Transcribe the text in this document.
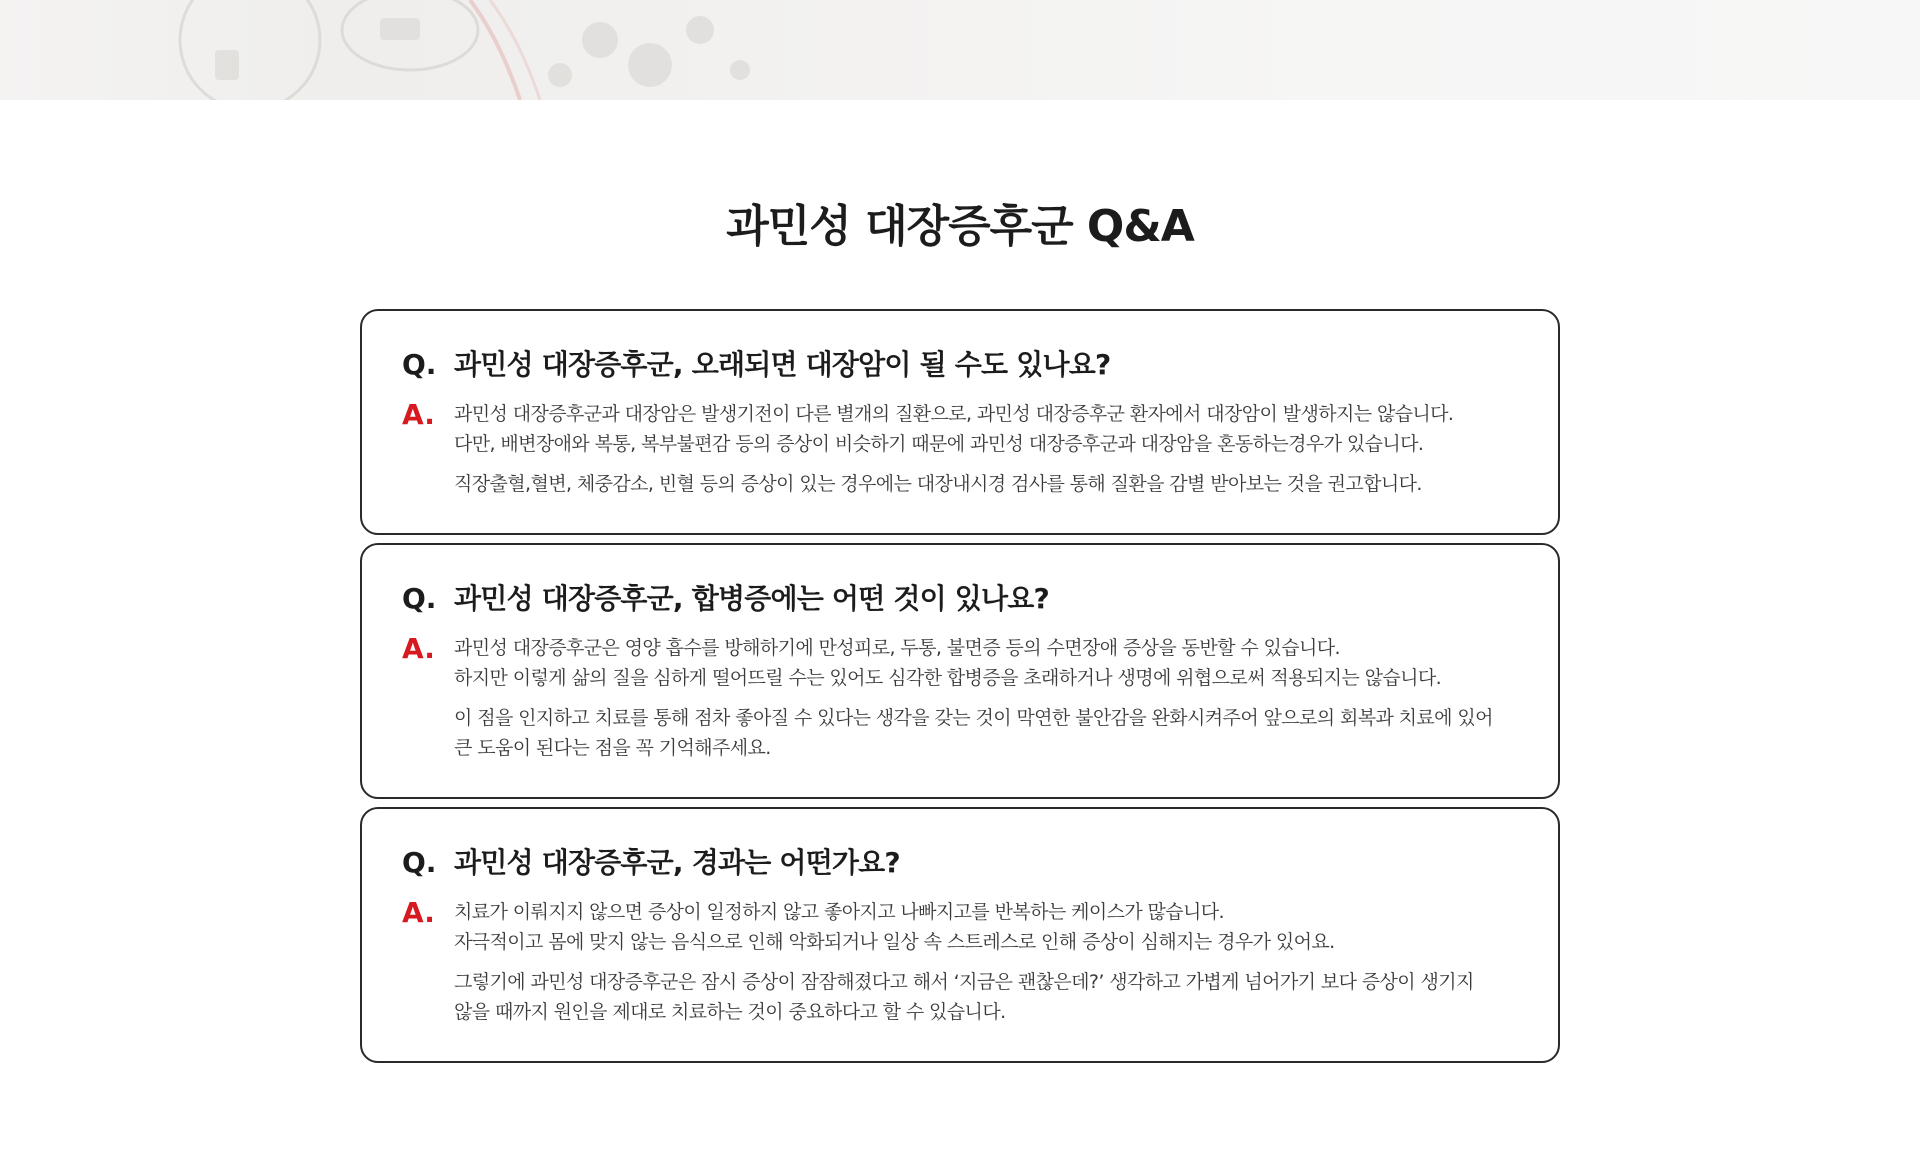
과민성 대장증후군 Q&A
Q. 과민성 대장증후군, 오래되면 대장암이 될 수도 있나요?
A.	과민성 대장증후군과 대장암은 발생기전이 다른 별개의 질환으로, 과민성 대장증후군 환자에서 대장암이 발생하지는 않습니다.
다만, 배변장애와 복통, 복부불편감 등의 증상이 비슷하기 때문에 과민성 대장증후군과 대장암을 혼동하는경우가 있습니다.
직장출혈,혈변, 체중감소, 빈혈 등의 증상이 있는 경우에는 대장내시경 검사를 통해 질환을 감별 받아보는 것을 권고합니다.
Q. 과민성 대장증후군, 합병증에는 어떤 것이 있나요?
A.	과민성 대장증후군은 영양 흡수를 방해하기에 만성피로, 두통, 불면증 등의 수면장애 증상을 동반할 수 있습니다.
하지만 이렇게 삶의 질을 심하게 떨어뜨릴 수는 있어도 심각한 합병증을 초래하거나 생명에 위협으로써 적용되지는 않습니다.
이 점을 인지하고 치료를 통해 점차 좋아질 수 있다는 생각을 갖는 것이 막연한 불안감을 완화시켜주어 앞으로의 회복과 치료에 있어
큰 도움이 된다는 점을 꼭 기억해주세요.
Q. 과민성 대장증후군, 경과는 어떤가요?
A.	치료가 이뤄지지 않으면 증상이 일정하지 않고 좋아지고 나빠지고를 반복하는 케이스가 많습니다.
자극적이고 몸에 맞지 않는 음식으로 인해 악화되거나 일상 속 스트레스로 인해 증상이 심해지는 경우가 있어요.
그렇기에 과민성 대장증후군은 잠시 증상이 잠잠해졌다고 해서 ‘지금은 괜찮은데?’ 생각하고 가볍게 넘어가기 보다 증상이 생기지
않을 때까지 원인을 제대로 치료하는 것이 중요하다고 할 수 있습니다.
